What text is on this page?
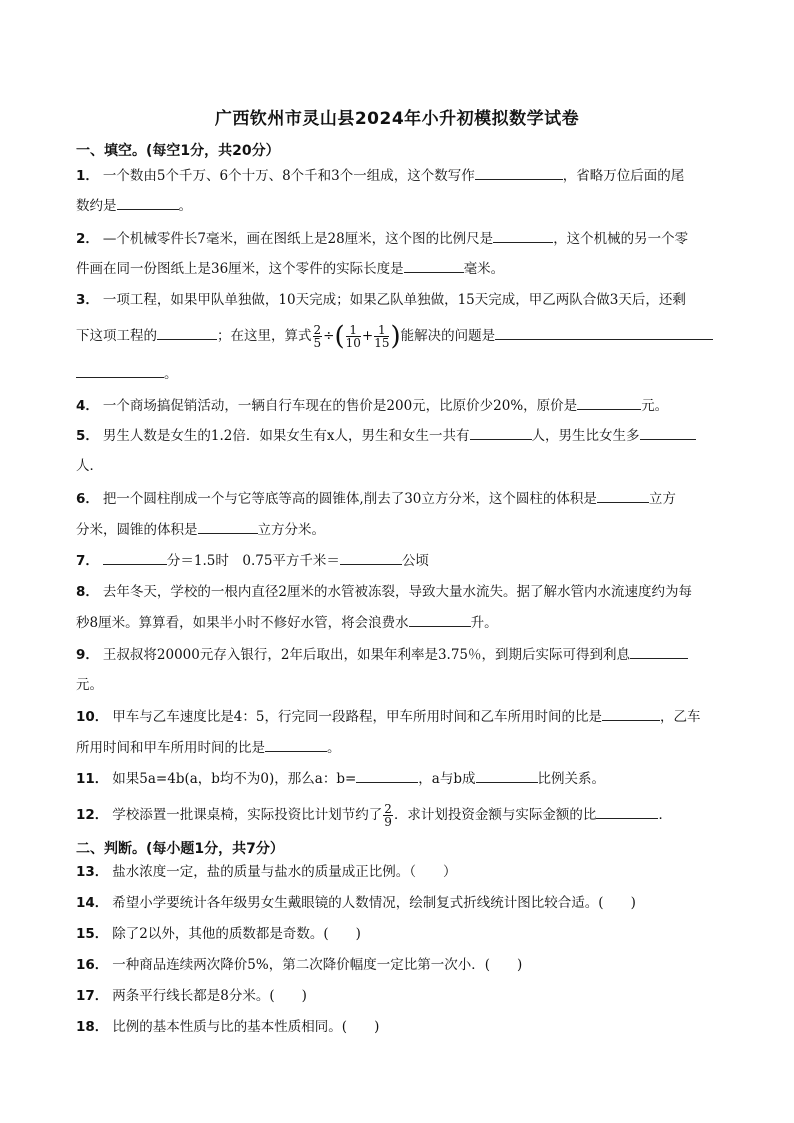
广西钦州市灵山县2024年小升初模拟数学试卷
一、填空。(每空1分，共20分）
1． 一个数由5个千万、6个十万、8个千和3个一组成，这个数写作	，省略万位后面的尾
数约是	。
2． —个机械零件长7毫米，画在图纸上是28厘米，这个图的比例尺是	，这个机械的另一个零
件画在同一份图纸上是36厘米，这个零件的实际长度是	毫米。
3． 一项工程，如果甲队单独做，10天完成；如果乙队单独做，15天完成，甲乙两队合做3天后，还剩
下这项工程的	；在这里，算式 $\frac{2}{5}$ ÷( $\frac{1}{10} + \frac{1}{15}$ )能解决的问题是
。
4． 一个商场搞促销活动，一辆自行车现在的售价是200元，比原价少20%，原价是	元。
5． 男生人数是女生的1.2倍．如果女生有x人，男生和女生一共有	人，男生比女生多
人．
6． 把一个圆柱削成一个与它等底等高的圆锥体,削去了30立方分米，这个圆柱的体积是	立方
分米，圆锥的体积是	立方分米。
7．	分＝1.5时　0.75平方千米＝	公顷
8． 去年冬天，学校的一根内直径2厘米的水管被冻裂，导致大量水流失。据了解水管内水流速度约为每
秒8厘米。算算看，如果半小时不修好水管，将会浪费水	升。
9． 王叔叔将20000元存入银行，2年后取出，如果年利率是3.75％，到期后实际可得到利息
元。
10． 甲车与乙车速度比是4：5，行完同一段路程，甲车所用时间和乙车所用时间的比是	，乙车
所用时间和甲车所用时间的比是	。
11． 如果5a=4b(a，b均不为0)，那么a：b=	，a与b成	比例关系。
12． 学校添置一批课桌椅，实际投资比计划节约了 $\frac{2}{9}$ ．求计划投资金额与实际金额的比	．
二、判断。(每小题1分，共7分）
13． 盐水浓度一定，盐的质量与盐水的质量成正比例。（　　）
14． 希望小学要统计各年级男女生戴眼镜的人数情况，绘制复式折线统计图比较合适。(　　)
15． 除了2以外，其他的质数都是奇数。(　　)
16． 一种商品连续两次降价5%，第二次降价幅度一定比第一次小．(　　)
17． 两条平行线长都是8分米。(　　)
18． 比例的基本性质与比的基本性质相同。(　　)
